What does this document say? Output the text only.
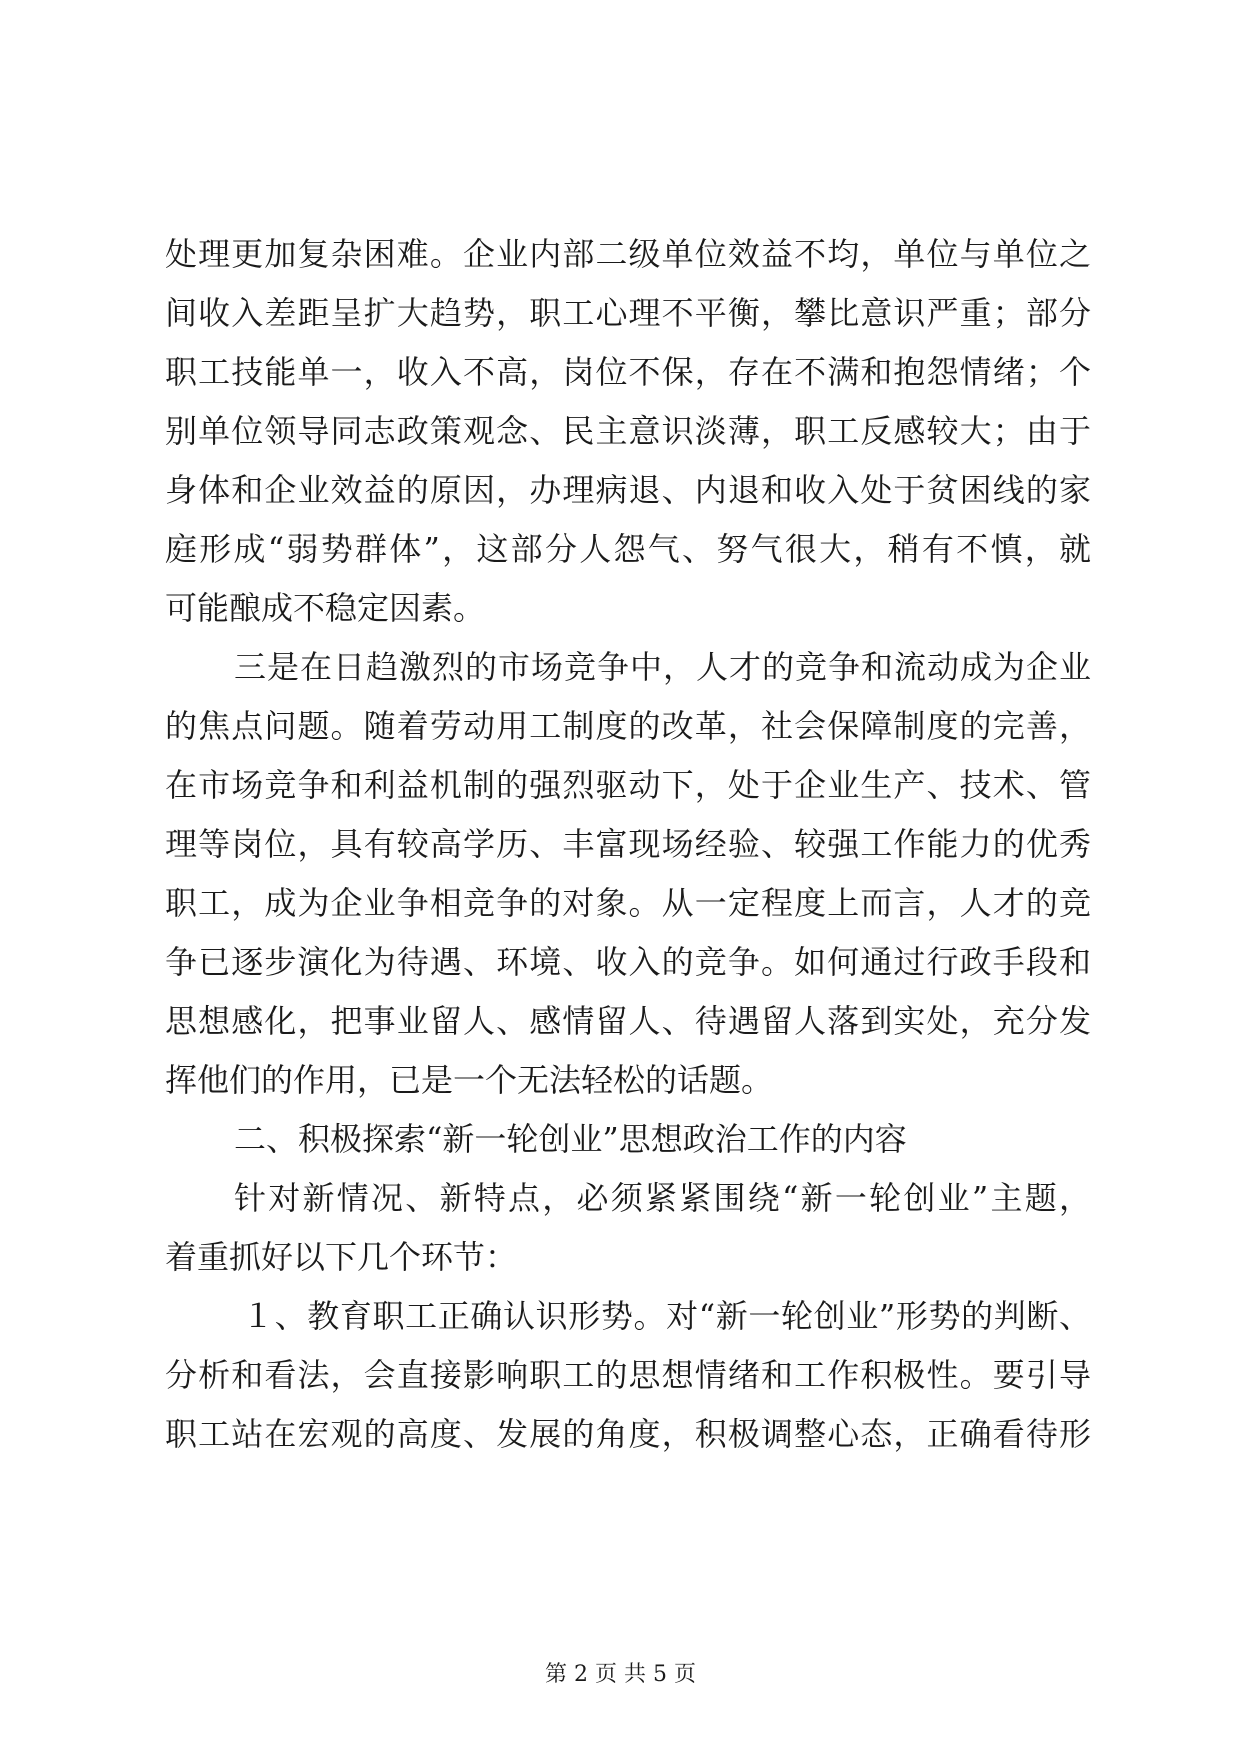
处理更加复杂困难。企业内部二级单位效益不均，单位与单位之
间收入差距呈扩大趋势，职工心理不平衡，攀比意识严重；部分
职工技能单一，收入不高，岗位不保，存在不满和抱怨情绪；个
别单位领导同志政策观念、民主意识淡薄，职工反感较大；由于
身体和企业效益的原因，办理病退、内退和收入处于贫困线的家
庭形成“弱势群体”，这部分人怨气、努气很大，稍有不慎，就
可能酿成不稳定因素。
三是在日趋激烈的市场竞争中，人才的竞争和流动成为企业
的焦点问题。随着劳动用工制度的改革，社会保障制度的完善，
在市场竞争和利益机制的强烈驱动下，处于企业生产、技术、管
理等岗位，具有较高学历、丰富现场经验、较强工作能力的优秀
职工，成为企业争相竞争的对象。从一定程度上而言，人才的竞
争已逐步演化为待遇、环境、收入的竞争。如何通过行政手段和
思想感化，把事业留人、感情留人、待遇留人落到实处，充分发
挥他们的作用，已是一个无法轻松的话题。
二、积极探索“新一轮创业”思想政治工作的内容
针对新情况、新特点，必须紧紧围绕“新一轮创业”主题，
着重抓好以下几个环节：
１、教育职工正确认识形势。对“新一轮创业”形势的判断、
分析和看法，会直接影响职工的思想情绪和工作积极性。要引导
职工站在宏观的高度、发展的角度，积极调整心态，正确看待形
第 2 页 共 5 页
